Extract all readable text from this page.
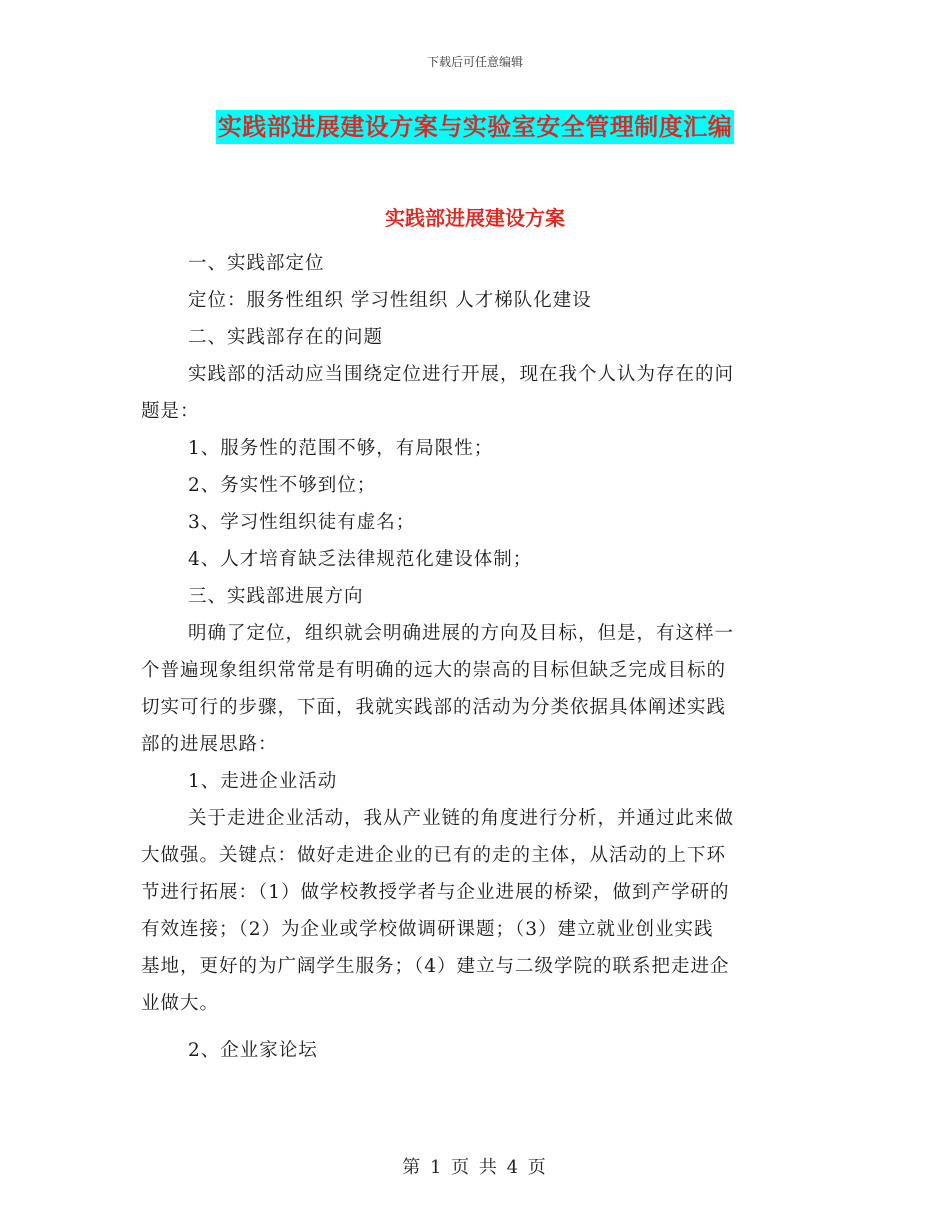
下载后可任意编辑
实践部进展建设方案与实验室安全管理制度汇编
实践部进展建设方案

一、实践部定位

定位：服务性组织 学习性组织 人才梯队化建设

二、实践部存在的问题

实践部的活动应当围绕定位进行开展，现在我个人认为存在的问

题是：

1、服务性的范围不够，有局限性；

2、务实性不够到位；

3、学习性组织徒有虚名；

4、人才培育缺乏法律规范化建设体制；

三、实践部进展方向

明确了定位，组织就会明确进展的方向及目标，但是，有这样一

个普遍现象组织常常是有明确的远大的崇高的目标但缺乏完成目标的

切实可行的步骤，下面，我就实践部的活动为分类依据具体阐述实践

部的进展思路：

1、走进企业活动

关于走进企业活动，我从产业链的角度进行分析，并通过此来做

大做强。关键点：做好走进企业的已有的走的主体，从活动的上下环

节进行拓展：（1）做学校教授学者与企业进展的桥梁，做到产学研的

有效连接；（2）为企业或学校做调研课题；（3）建立就业创业实践

基地，更好的为广阔学生服务；（4）建立与二级学院的联系把走进企

业做大。

2、企业家论坛

第 1 页 共 4 页
